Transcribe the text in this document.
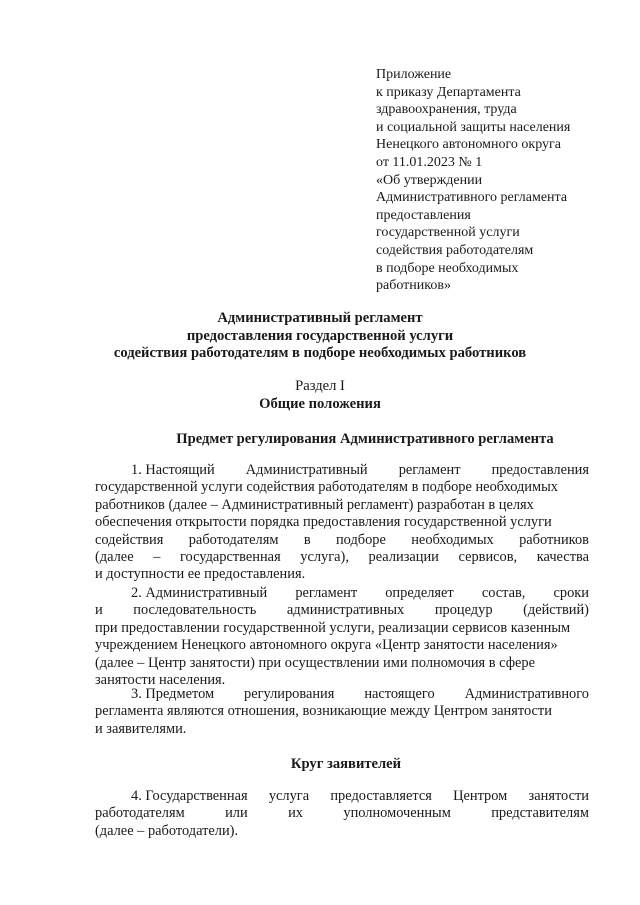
Приложение
к приказу Департамента
здравоохранения, труда
и социальной защиты населения
Ненецкого автономного округа
от 11.01.2023 № 1
«Об утверждении
Административного регламента
предоставления
государственной услуги
содействия работодателям
в подборе необходимых
работников»
Административный регламент
предоставления государственной услуги
содействия работодателям в подборе необходимых работников
Раздел I
Общие положения
Предмет регулирования Административного регламента
1. Настоящий Административный регламент предоставления
государственной услуги содействия работодателям в подборе необходимых
работников (далее – Административный регламент) разработан в целях
обеспечения открытости порядка предоставления государственной услуги
содействия работодателям в подборе необходимых работников
(далее – государственная услуга), реализации сервисов, качества
и доступности ее предоставления.
2. Административный регламент определяет состав, сроки
и последовательность административных процедур (действий)
при предоставлении государственной услуги, реализации сервисов казенным
учреждением Ненецкого автономного округа «Центр занятости населения»
(далее – Центр занятости) при осуществлении ими полномочия в сфере
занятости населения.
3. Предметом регулирования настоящего Административного
регламента являются отношения, возникающие между Центром занятости
и заявителями.
Круг заявителей
4. Государственная услуга предоставляется Центром занятости
работодателям	или	их	уполномоченным	представителям
(далее – работодатели).
